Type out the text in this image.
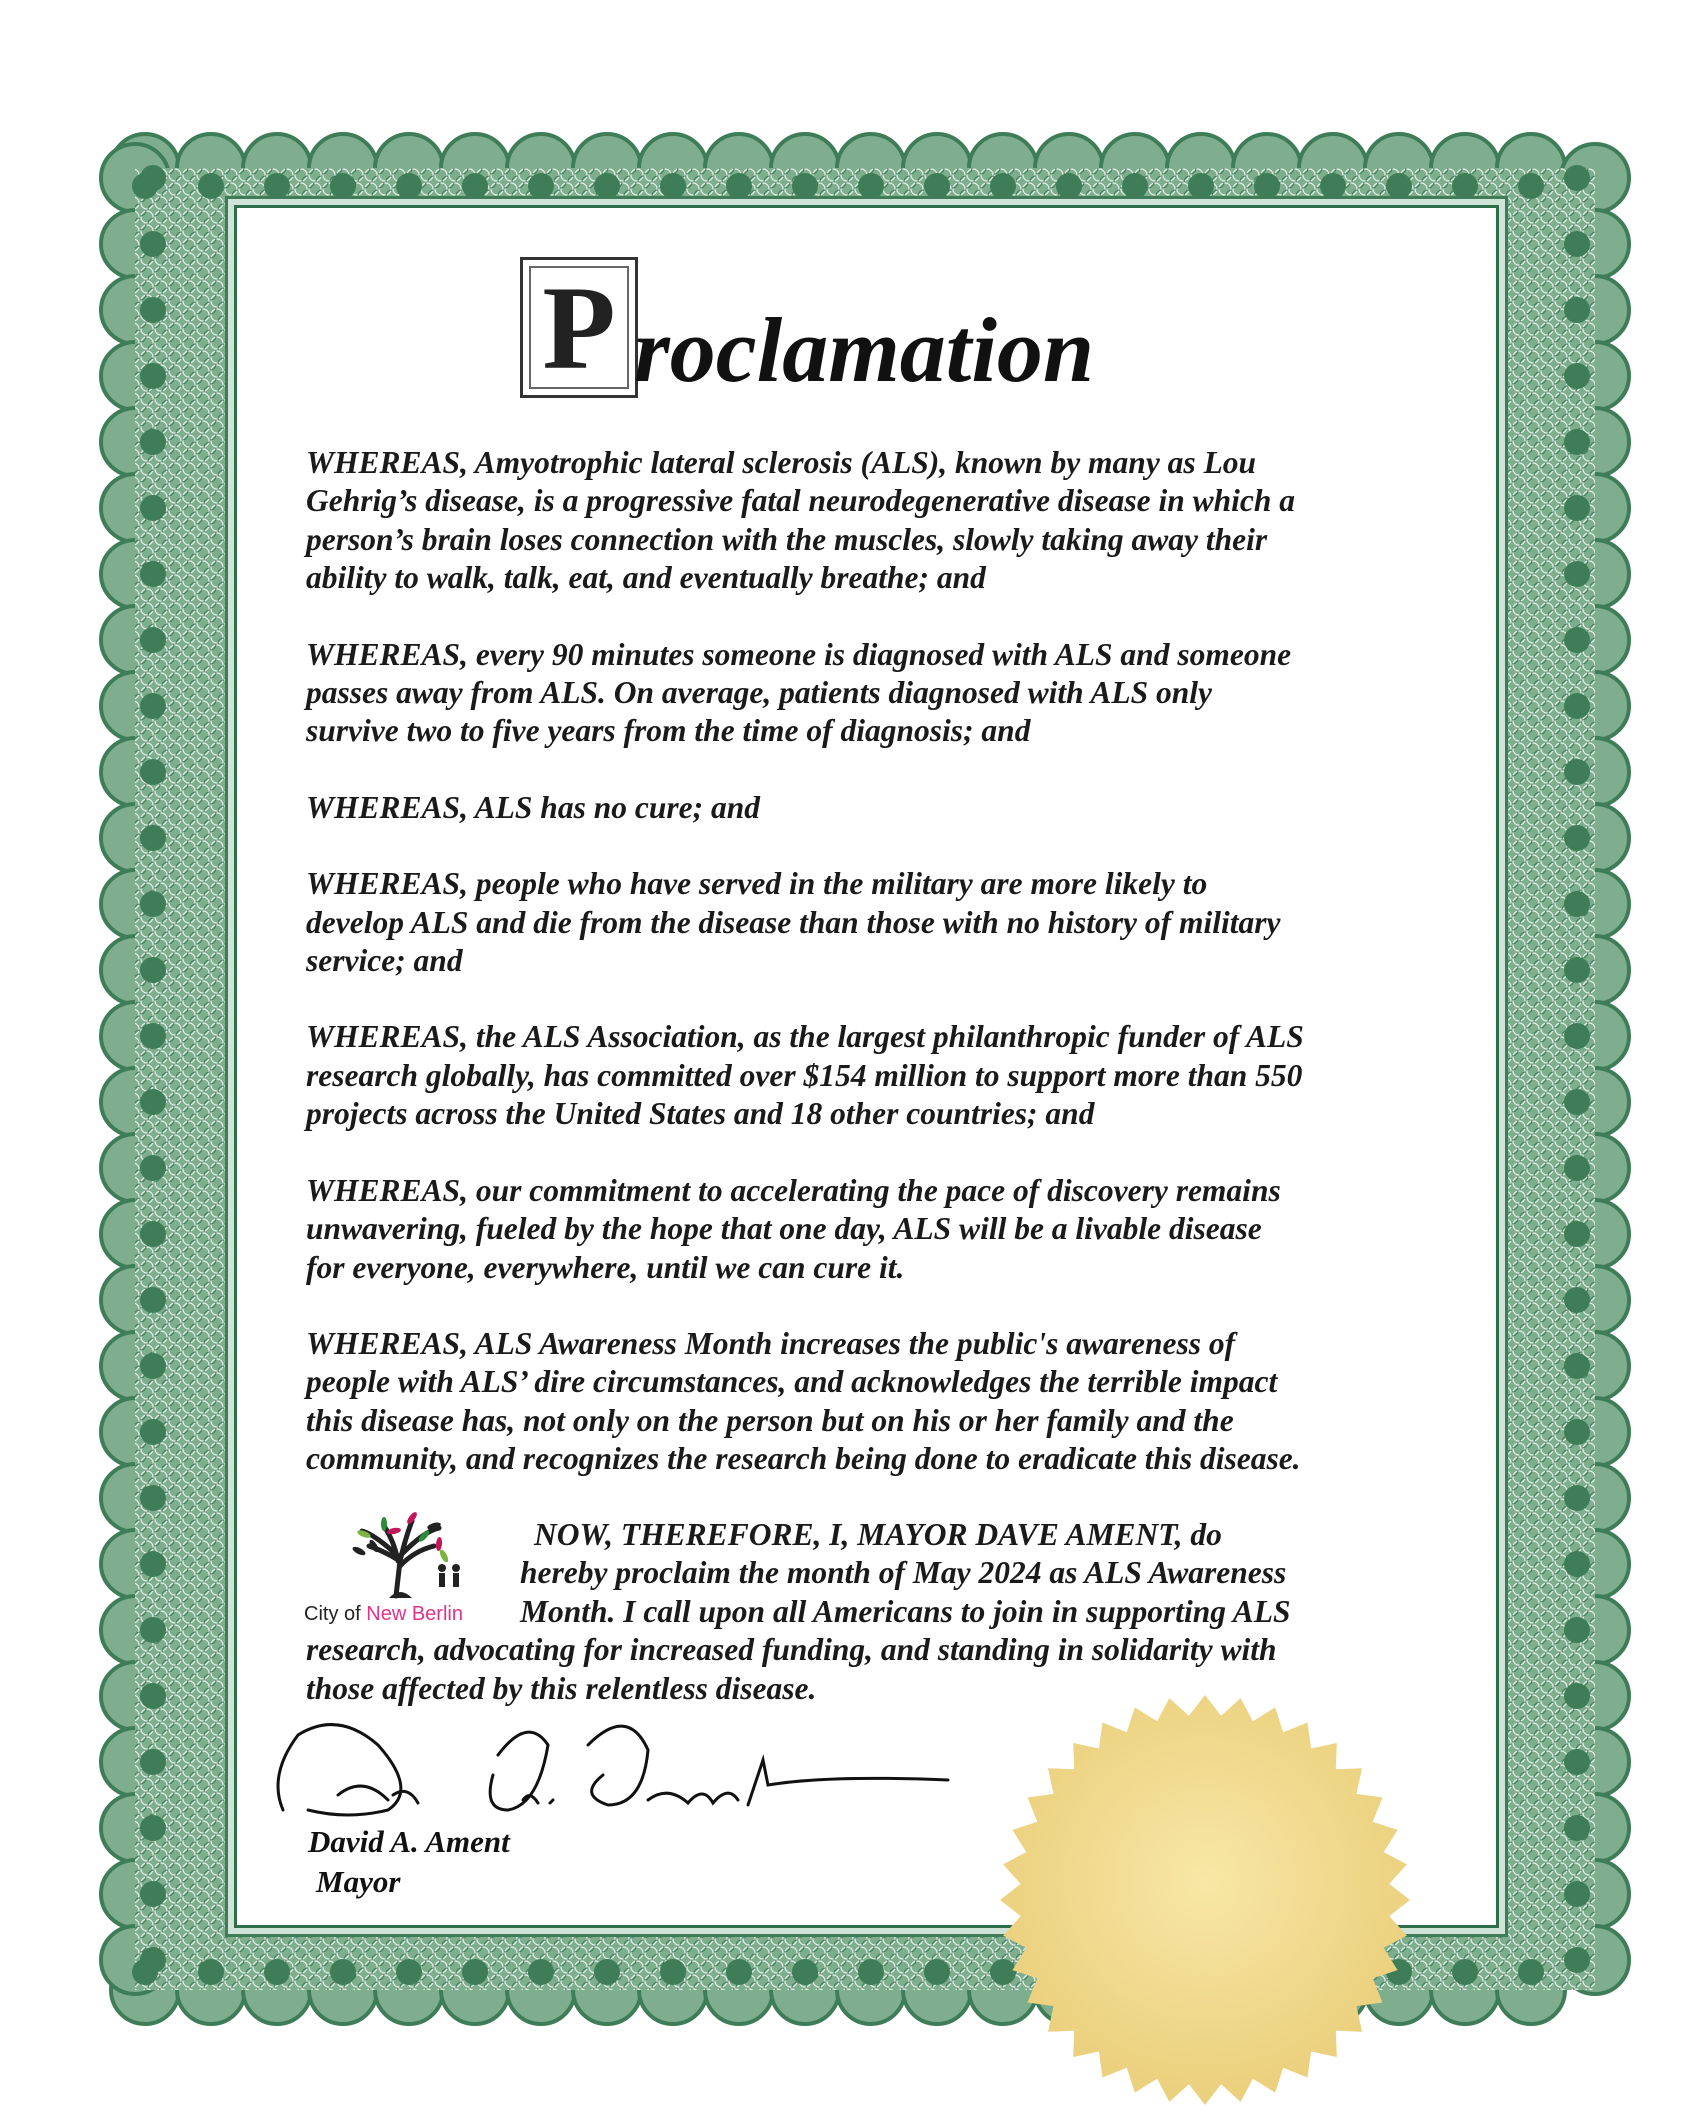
P roclamation
WHEREAS, Amyotrophic lateral sclerosis (ALS), known by many as Lou
Gehrig’s disease, is a progressive fatal neurodegenerative disease in which a
person’s brain loses connection with the muscles, slowly taking away their
ability to walk, talk, eat, and eventually breathe; and
WHEREAS, every 90 minutes someone is diagnosed with ALS and someone
passes away from ALS. On average, patients diagnosed with ALS only
survive two to five years from the time of diagnosis; and
WHEREAS, ALS has no cure; and
WHEREAS, people who have served in the military are more likely to
develop ALS and die from the disease than those with no history of military
service; and
WHEREAS, the ALS Association, as the largest philanthropic funder of ALS
research globally, has committed over $154 million to support more than 550
projects across the United States and 18 other countries; and
WHEREAS, our commitment to accelerating the pace of discovery remains
unwavering, fueled by the hope that one day, ALS will be a livable disease
for everyone, everywhere, until we can cure it.
WHEREAS, ALS Awareness Month increases the public's awareness of
people with ALS’ dire circumstances, and acknowledges the terrible impact
this disease has, not only on the person but on his or her family and the
community, and recognizes the research being done to eradicate this disease.
City of New Berlin
NOW, THEREFORE, I, MAYOR DAVE AMENT, do
hereby proclaim the month of May 2024 as ALS Awareness
Month. I call upon all Americans to join in supporting ALS
research, advocating for increased funding, and standing in solidarity with
those affected by this relentless disease.
David A. Ament
Mayor
